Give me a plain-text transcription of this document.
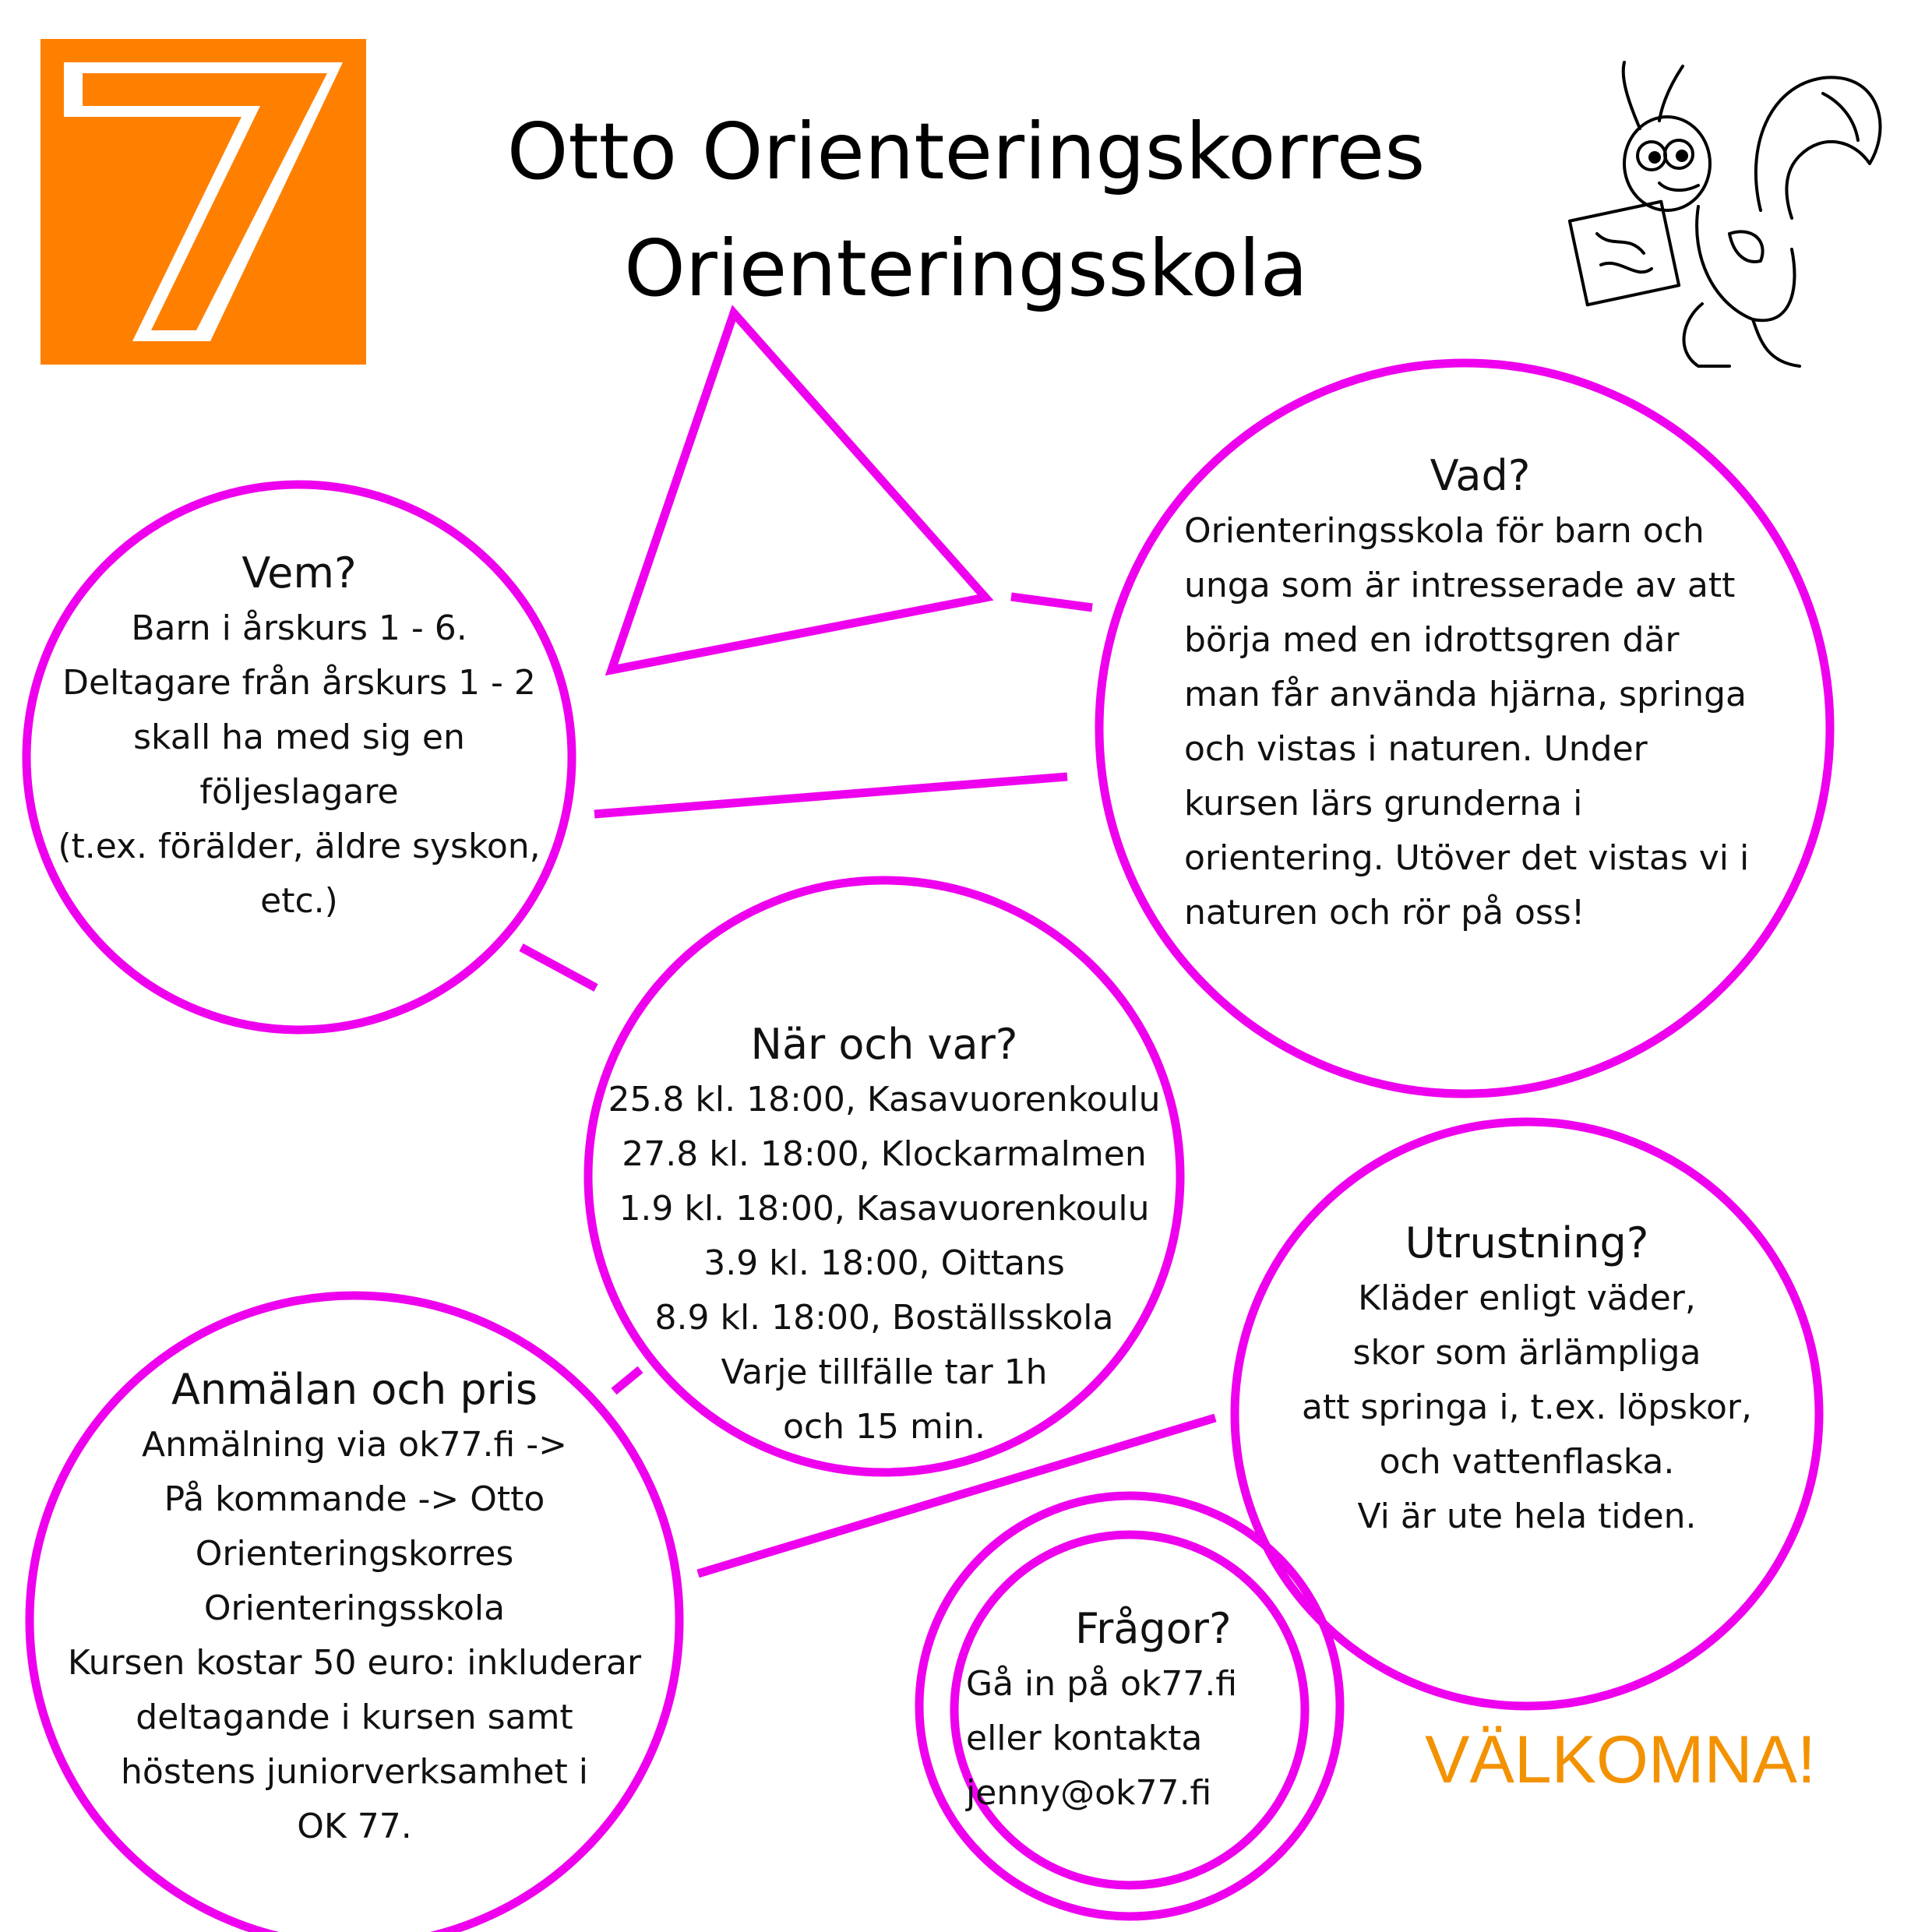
Otto Orienteringskorres
Orienteringsskola
Vem?
Barn i årskurs 1 - 6.
Deltagare från årskurs 1 - 2
skall ha med sig en
följeslagare
(t.ex. förälder, äldre syskon,
etc.)
Vad?
Orienteringsskola för barn och
unga som är intresserade av att
börja med en idrottsgren där
man får använda hjärna, springa
och vistas i naturen. Under
kursen lärs grunderna i
orientering. Utöver det vistas vi i
naturen och rör på oss!
När och var?
25.8 kl. 18:00, Kasavuorenkoulu
27.8 kl. 18:00, Klockarmalmen
1.9 kl. 18:00, Kasavuorenkoulu
3.9 kl. 18:00, Oittans
8.9 kl. 18:00, Boställsskola
Varje tillfälle tar 1h
och 15 min.
Utrustning?
Kläder enligt väder,
skor som ärlämpliga
att springa i, t.ex. löpskor,
och vattenflaska.
Vi är ute hela tiden.
Anmälan och pris
Anmälning via ok77.fi ->
På kommande -> Otto
Orienteringskorres
Orienteringsskola
Kursen kostar 50 euro: inkluderar
deltagande i kursen samt
höstens juniorverksamhet i
OK 77.
Frågor?
Gå in på ok77.fi
eller kontakta
jenny@ok77.fi	VÄLKOMNA!
